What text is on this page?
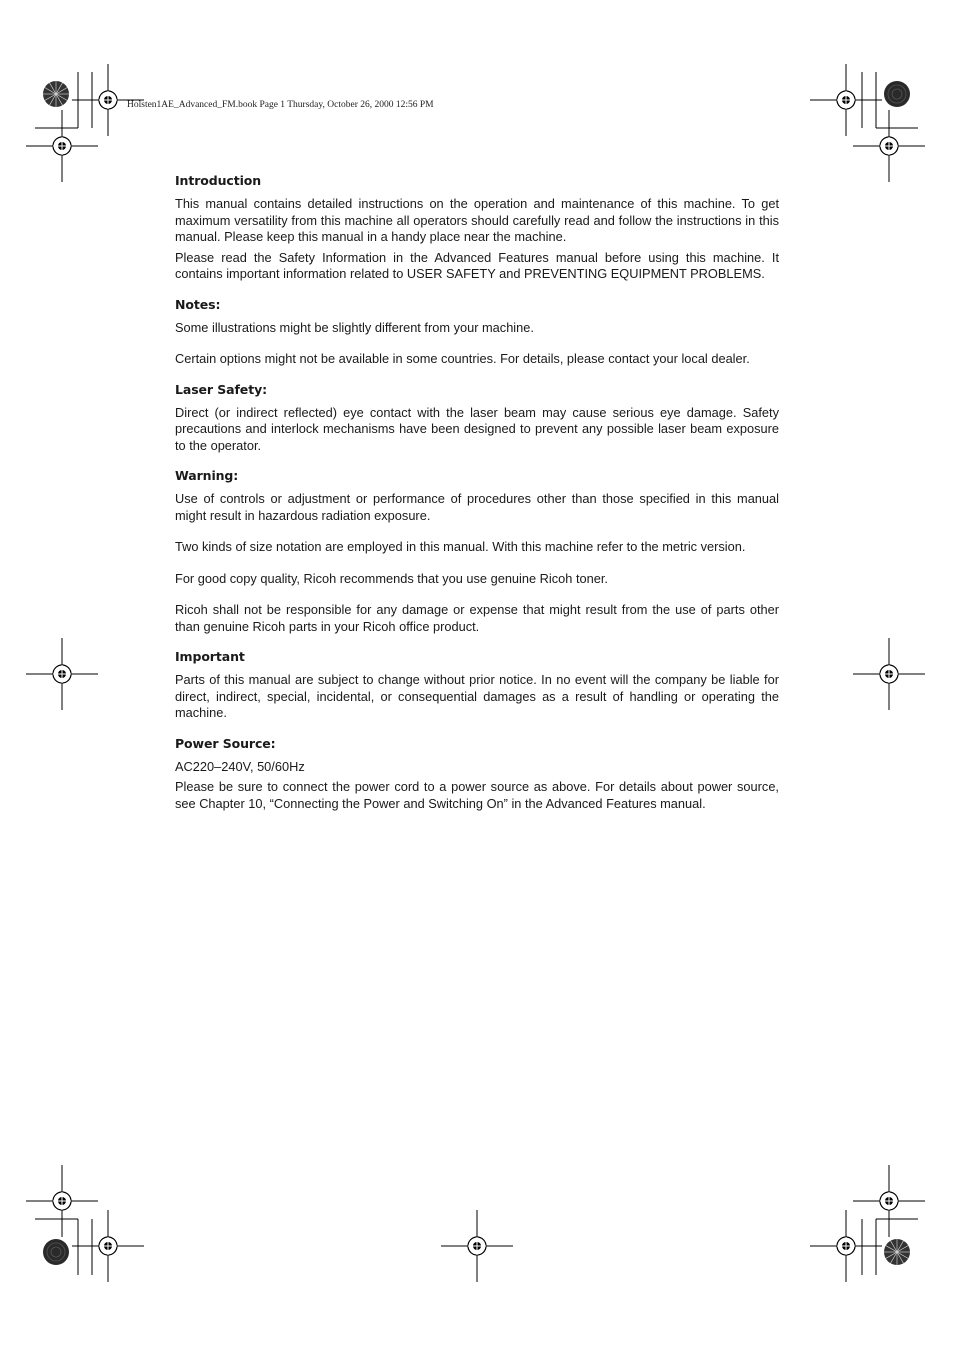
Holsten1AE_Advanced_FM.book Page 1 Thursday, October 26, 2000 12:56 PM
Introduction

This manual contains detailed instructions on the operation and maintenance of this machine. To get maximum versatility from this machine all operators should carefully read and follow the instructions in this manual. Please keep this manual in a handy place near the machine.

Please read the Safety Information in the Advanced Features manual before using this machine. It contains important information related to USER SAFETY and PREVENTING EQUIPMENT PROBLEMS.

Notes:

Some illustrations might be slightly different from your machine.

Certain options might not be available in some countries. For details, please contact your local dealer.

Laser Safety:

Direct (or indirect reflected) eye contact with the laser beam may cause serious eye damage. Safety precautions and interlock mechanisms have been designed to prevent any possible laser beam exposure to the operator.

Warning:

Use of controls or adjustment or performance of procedures other than those specified in this manual might result in hazardous radiation exposure.

Two kinds of size notation are employed in this manual. With this machine refer to the metric version.

For good copy quality, Ricoh recommends that you use genuine Ricoh toner.

Ricoh shall not be responsible for any damage or expense that might result from the use of parts other than genuine Ricoh parts in your Ricoh office product.

Important

Parts of this manual are subject to change without prior notice. In no event will the company be liable for direct, indirect, special, incidental, or consequential damages as a result of handling or operating the machine.

Power Source:

AC220–240V, 50/60Hz

Please be sure to connect the power cord to a power source as above. For details about power source, see Chapter 10, “Connecting the Power and Switching On” in the Advanced Features manual.
